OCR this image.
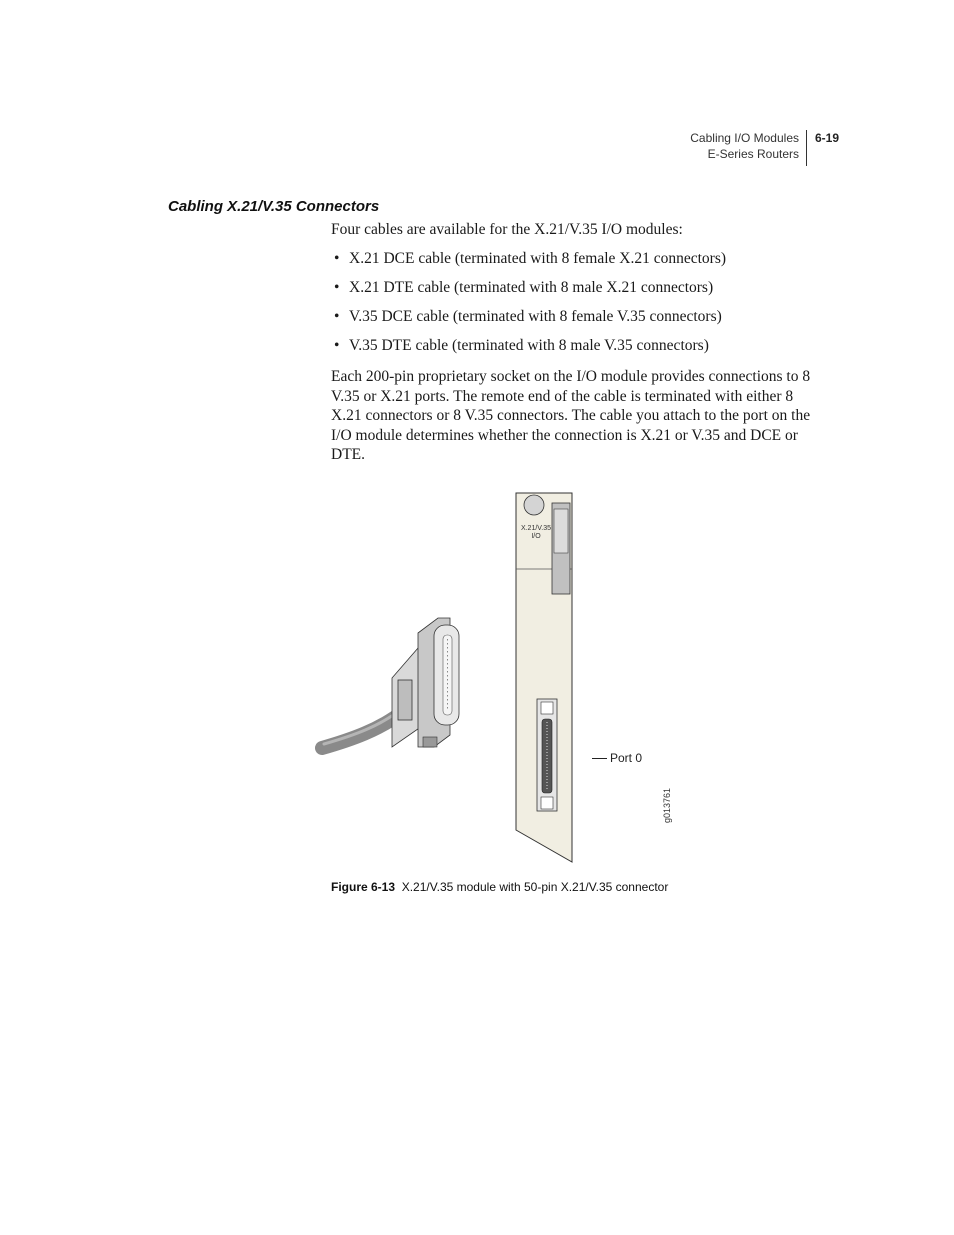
Cabling I/O Modules
E-Series Routers
6-19
Cabling X.21/V.35 Connectors

Four cables are available for the X.21/V.35 I/O modules:

• X.21 DCE cable (terminated with 8 female X.21 connectors)
• X.21 DTE cable (terminated with 8 male X.21 connectors)
• V.35 DCE cable (terminated with 8 female V.35 connectors)
• V.35 DTE cable (terminated with 8 male V.35 connectors)

Each 200-pin proprietary socket on the I/O module provides connections to 8 V.35 or X.21 ports. The remote end of the cable is terminated with either 8 X.21 connectors or 8 V.35 connectors. The cable you attach to the port on the I/O module determines whether the connection is X.21 or V.35 and DCE or DTE.

X.21/V.35
I/O
Port 0
g013761
Figure 6-13 X.21/V.35 module with 50-pin X.21/V.35 connector
